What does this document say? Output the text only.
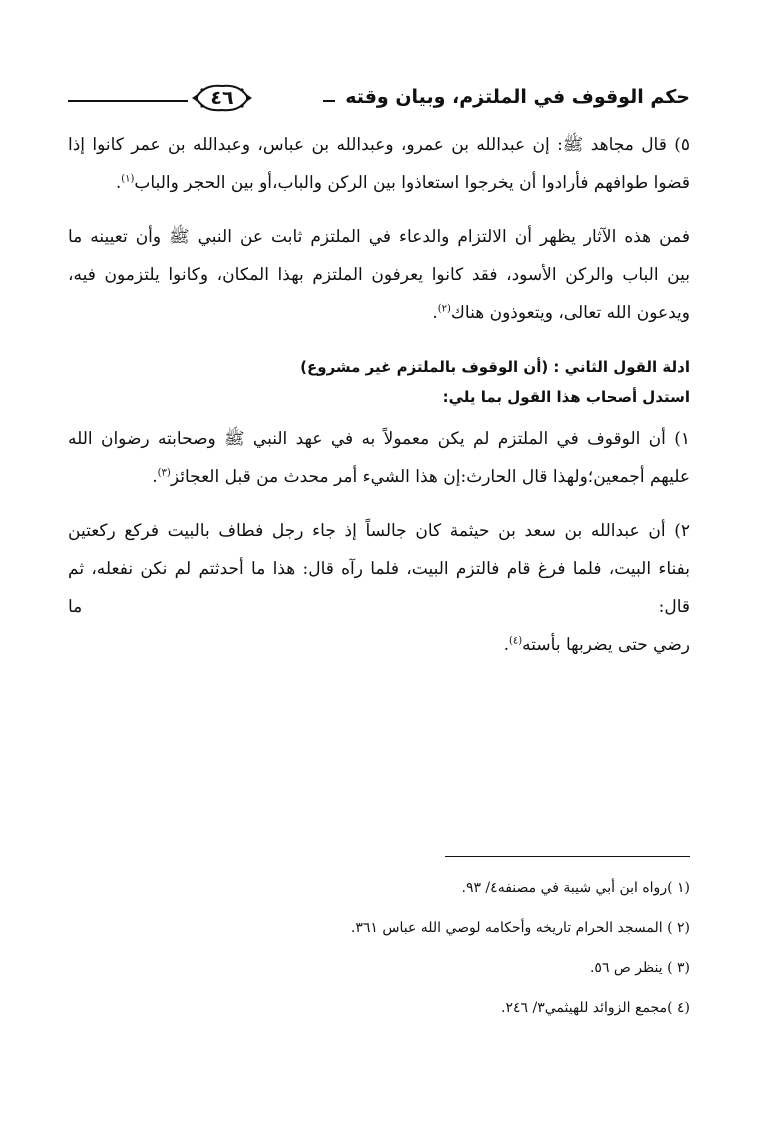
حكم الوقوف في الملتزم، وبيان وقته
٤٦
٥) قال مجاهد ﷺ: إن عبدالله بن عمرو، وعبدالله بن عباس، وعبدالله بن عمر كانوا إذا
قضوا طوافهم فأرادوا أن يخرجوا استعاذوا بين الركن والباب،أو بين الحجر والباب$^{(١)}$.
فمن هذه الآثار يظهر أن الالتزام والدعاء في الملتزم ثابت عن النبي ﷺ وأن تعيينه ما
بين الباب والركن الأسود، فقد كانوا يعرفون الملتزم بهذا المكان، وكانوا يلتزمون فيه،
ويدعون الله تعالى، ويتعوذون هناك$^{(٢)}$.
ادلة القول الثاني : (أن الوقوف بالملتزم غير مشروع)
استدل أصحاب هذا القول بما يلي:
١) أن الوقوف في الملتزم لم يكن معمولاً به في عهد النبي ﷺ وصحابته رضوان الله
عليهم أجمعين؛ولهذا قال الحارث:إن هذا الشيء أمر محدث من قبل العجائز$^{(٣)}$.
٢) أن عبدالله بن سعد بن حيثمة كان جالساً إذ جاء رجل فطاف بالبيت فركع ركعتين
بفناء البيت، فلما فرغ قام فالتزم البيت، فلما رآه قال: هذا ما أحدثتم لم نكن نفعله، ثم قال: ما
رضي حتى يضربها بأسته$^{(٤)}$.
(١ )رواه ابن أبي شيبة في مصنفه٤/ ٩٣.
(٢ ) المسجد الحرام تاريخه وأحكامه لوصي الله عباس ٣٦١.
(٣ ) ينظر ص ٥٦.
(٤ )مجمع الزوائد للهيثمي٣/ ٢٤٦.
